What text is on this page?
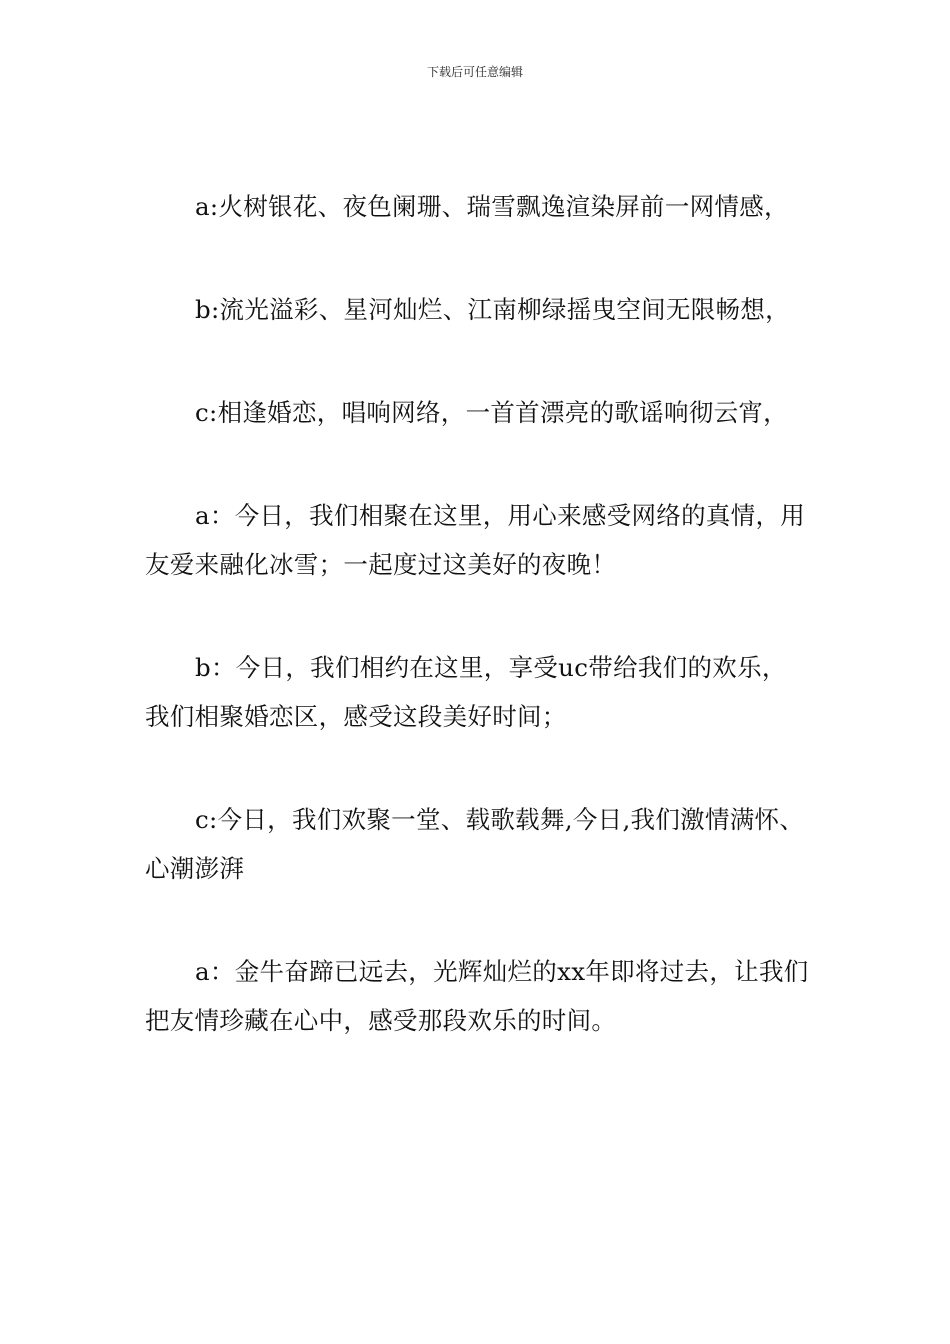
下载后可任意编辑

a:火树银花、夜色阑珊、瑞雪飘逸渲染屏前一网情感，

b:流光溢彩、星河灿烂、江南柳绿摇曳空间无限畅想，

c:相逢婚恋，唱响网络，一首首漂亮的歌谣响彻云宵，

a：今日，我们相聚在这里，用心来感受网络的真情，用友爱来融化冰雪；一起度过这美好的夜晚！

b：今日，我们相约在这里，享受uc带给我们的欢乐，我们相聚婚恋区，感受这段美好时间；

c:今日，我们欢聚一堂、载歌载舞,今日,我们激情满怀、心潮澎湃

a：金牛奋蹄已远去，光辉灿烂的xx年即将过去，让我们把友情珍藏在心中，感受那段欢乐的时间。
